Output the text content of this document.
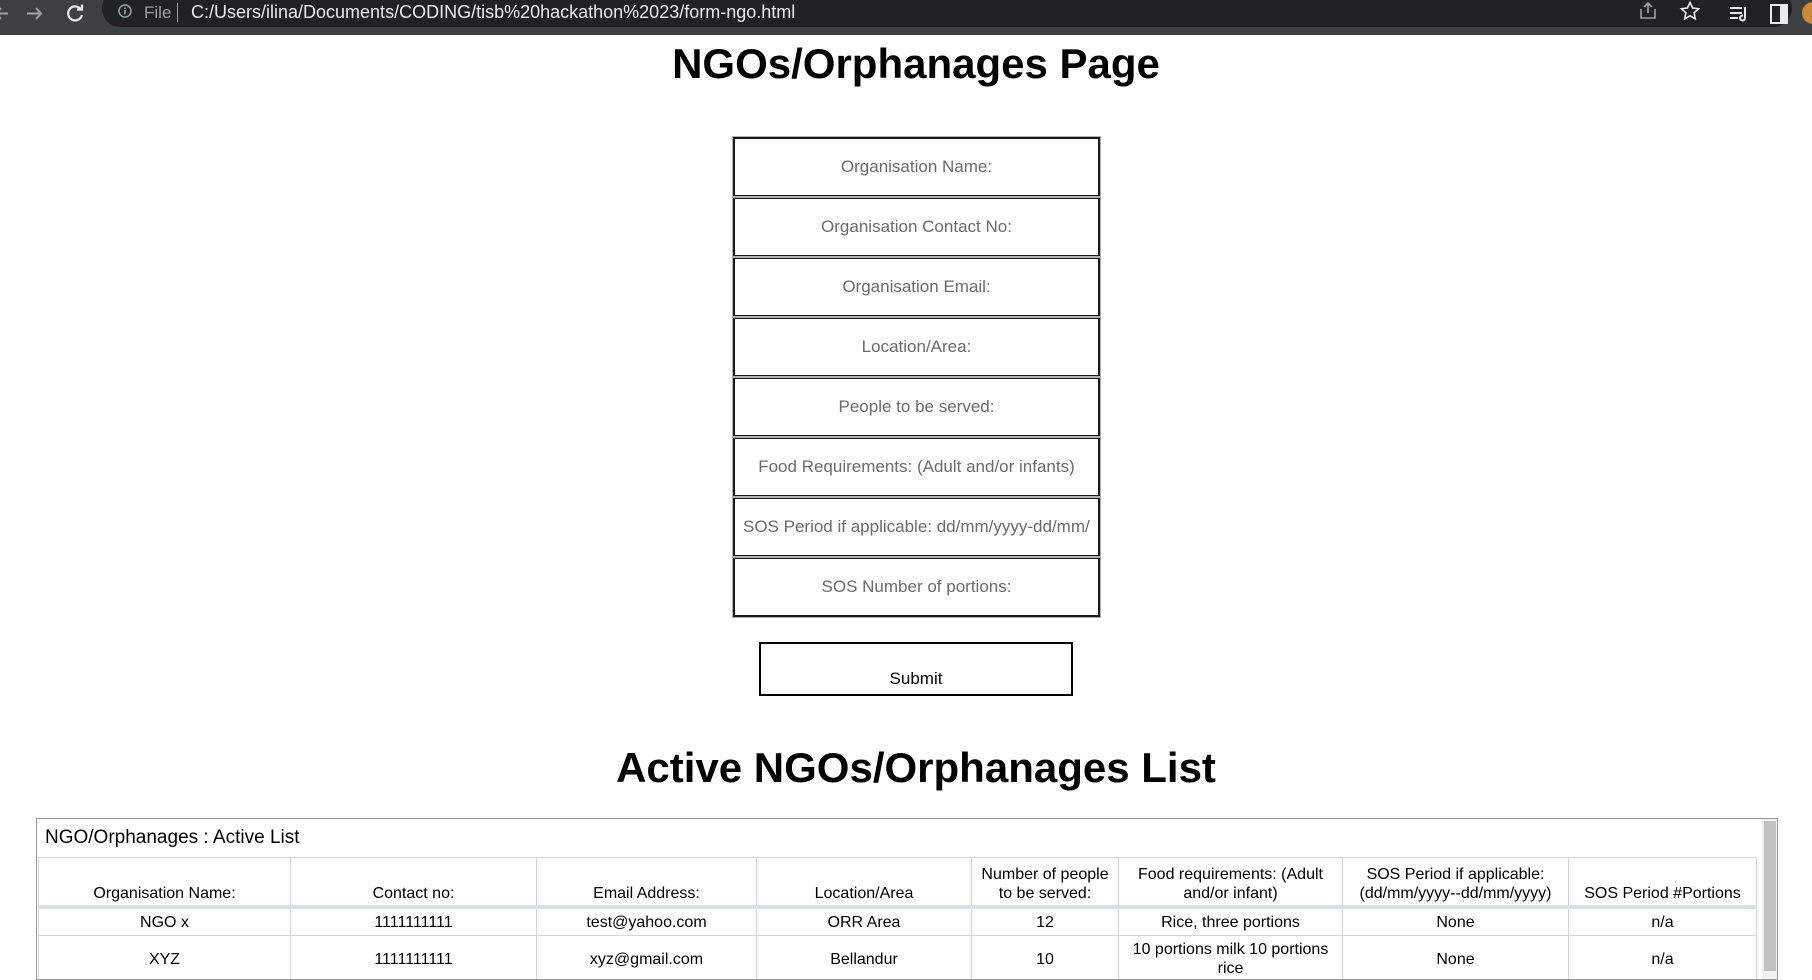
File C:/Users/ilina/Documents/CODING/tisb%20hackathon%2023/form-ngo.html
NGOs/Orphanages Page
Organisation Name:
Organisation Contact No:
Organisation Email:
Location/Area:
People to be served:
Food Requirements: (Adult and/or infants)
SOS Period if applicable: dd/mm/yyyy-dd/mm/yyyy
SOS Number of portions:
Submit
Active NGOs/Orphanages List
NGO/Orphanages : Active List
Organisation Name:	Contact no:	Email Address:	Location/Area	Number of people to be served:	Food requirements: (Adult and/or infant)	SOS Period if applicable: (dd/mm/yyyy--dd/mm/yyyy)	SOS Period #Portions
NGO x	1111111111	test@yahoo.com	ORR Area	12	Rice, three portions	None	n/a
XYZ	1111111111	xyz@gmail.com	Bellandur	10	10 portions milk 10 portions rice	None	n/a
